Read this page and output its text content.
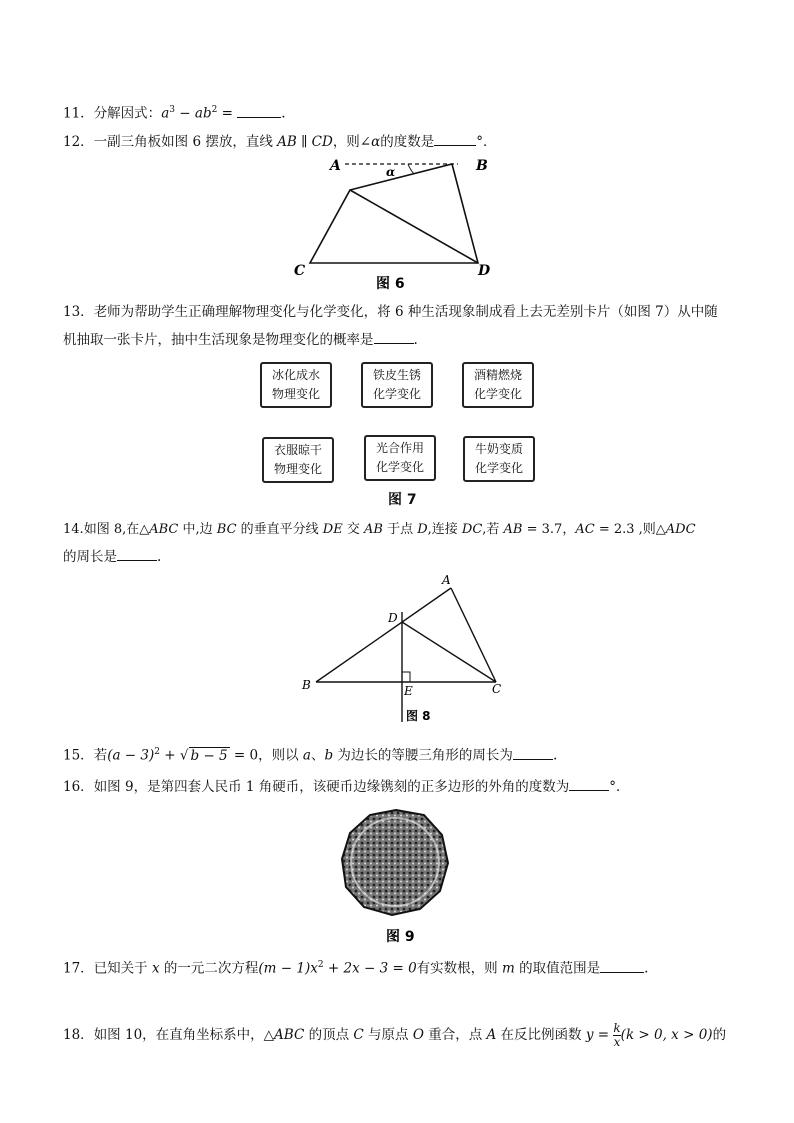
11．分解因式：$a^3 - ab^2$ =	.
12．一副三角板如图 6 摆放，直线 AB ∥ CD，则∠α的度数是	°．
A	B
C	D
α
图 6
13．老师为帮助学生正确理解物理变化与化学变化，将 6 种生活现象制成看上去无差别卡片（如图 7）从中随
机抽取一张卡片，抽中生活现象是物理变化的概率是	.
冰化成水
物理变化
铁皮生锈
化学变化
酒精燃烧
化学变化
衣服晾干
物理变化
光合作用
化学变化
牛奶变质
化学变化
图 7
14.如图 8,在△ABC 中,边 BC 的垂直平分线 DE 交 AB 于点 D,连接 DC,若 AB = 3.7，AC = 2.3 ,则△ADC
的周长是	.
A
B	C
D
E
图 8
15．若$(a - 3)^2$ + √ b − 5 = 0，则以 a、b 为边长的等腰三角形的周长为	.
16．如图 9，是第四套人民币 1 角硬币，该硬币边缘镌刻的正多边形的外角的度数为	°．
图 9
17．已知关于 x 的一元二次方程$(m - 1)x^2 + 2x - 3 = 0$有实数根，则 m 的取值范围是	.
18．如图 10，在直角坐标系中，△ABC 的顶点 C 与原点 O 重合，点 A 在反比例函数 $y = \frac{k}{x} (k > 0$, x > 0)的
